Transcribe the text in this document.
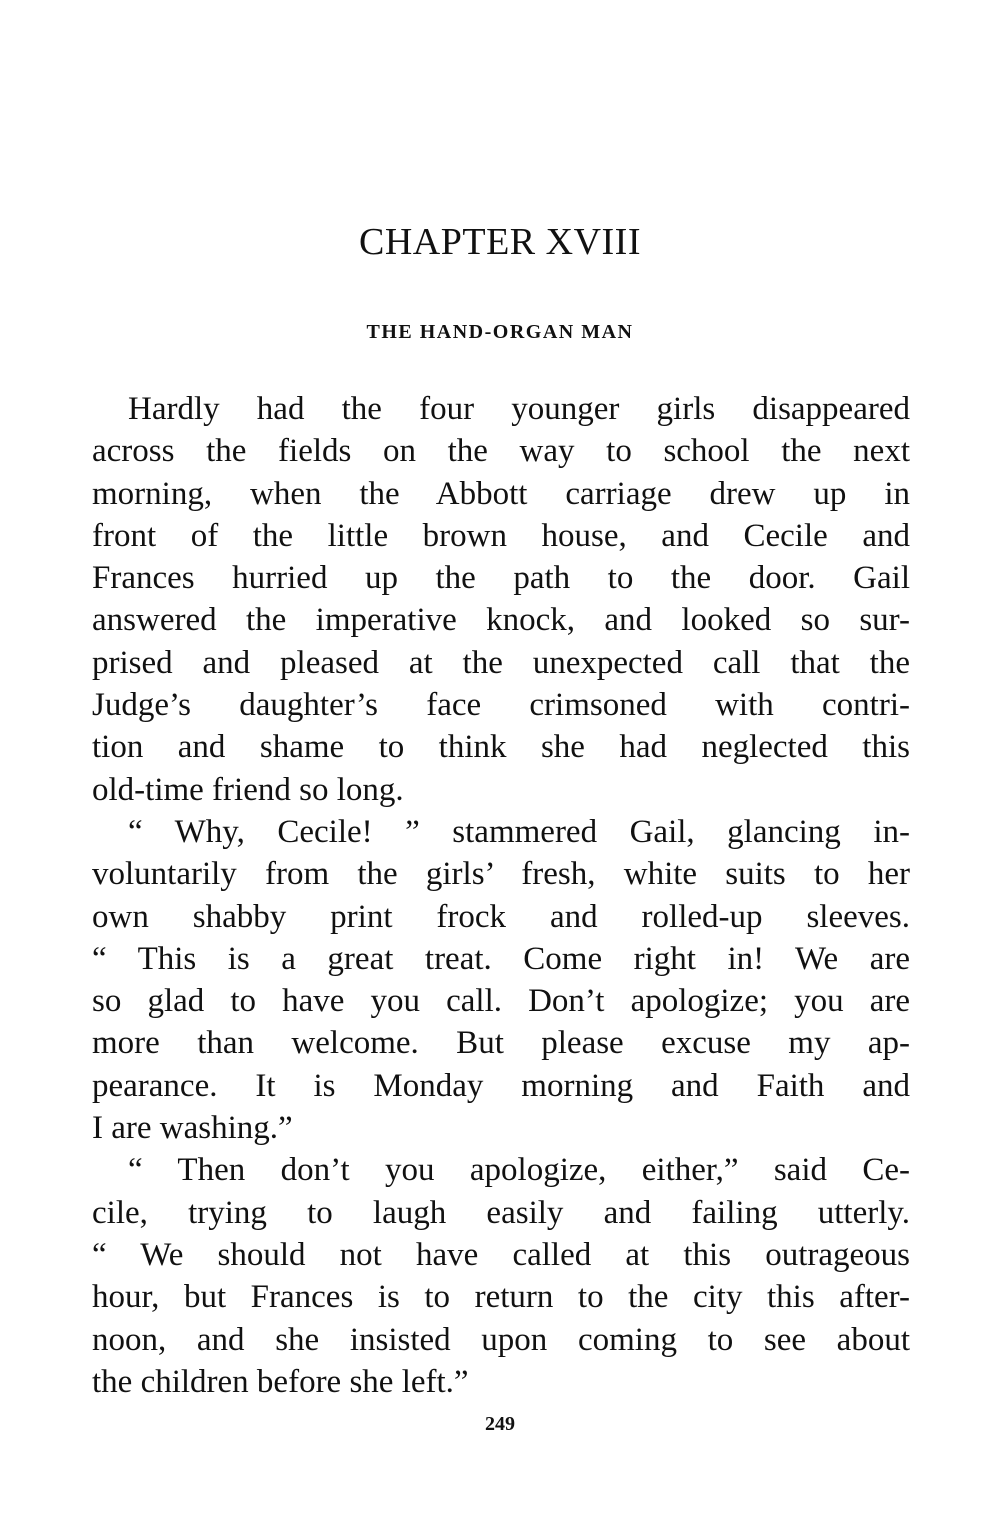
CHAPTER XVIII
THE HAND-ORGAN MAN

Hardly had the four younger girls disappeared
across the fields on the way to school the next
morning, when the Abbott carriage drew up in
front of the little brown house, and Cecile and
Frances hurried up the path to the door. Gail
answered the imperative knock, and looked so sur-
prised and pleased at the unexpected call that the
Judge’s daughter’s face crimsoned with contri-
tion and shame to think she had neglected this
old-time friend so long.

“ Why, Cecile! ” stammered Gail, glancing in-
voluntarily from the girls’ fresh, white suits to her
own shabby print frock and rolled-up sleeves.
“ This is a great treat. Come right in! We are
so glad to have you call. Don’t apologize; you are
more than welcome. But please excuse my ap-
pearance. It is Monday morning and Faith and
I are washing.”

“ Then don’t you apologize, either,” said Ce-
cile, trying to laugh easily and failing utterly.
“ We should not have called at this outrageous
hour, but Frances is to return to the city this after-
noon, and she insisted upon coming to see about
the children before she left.”

249
